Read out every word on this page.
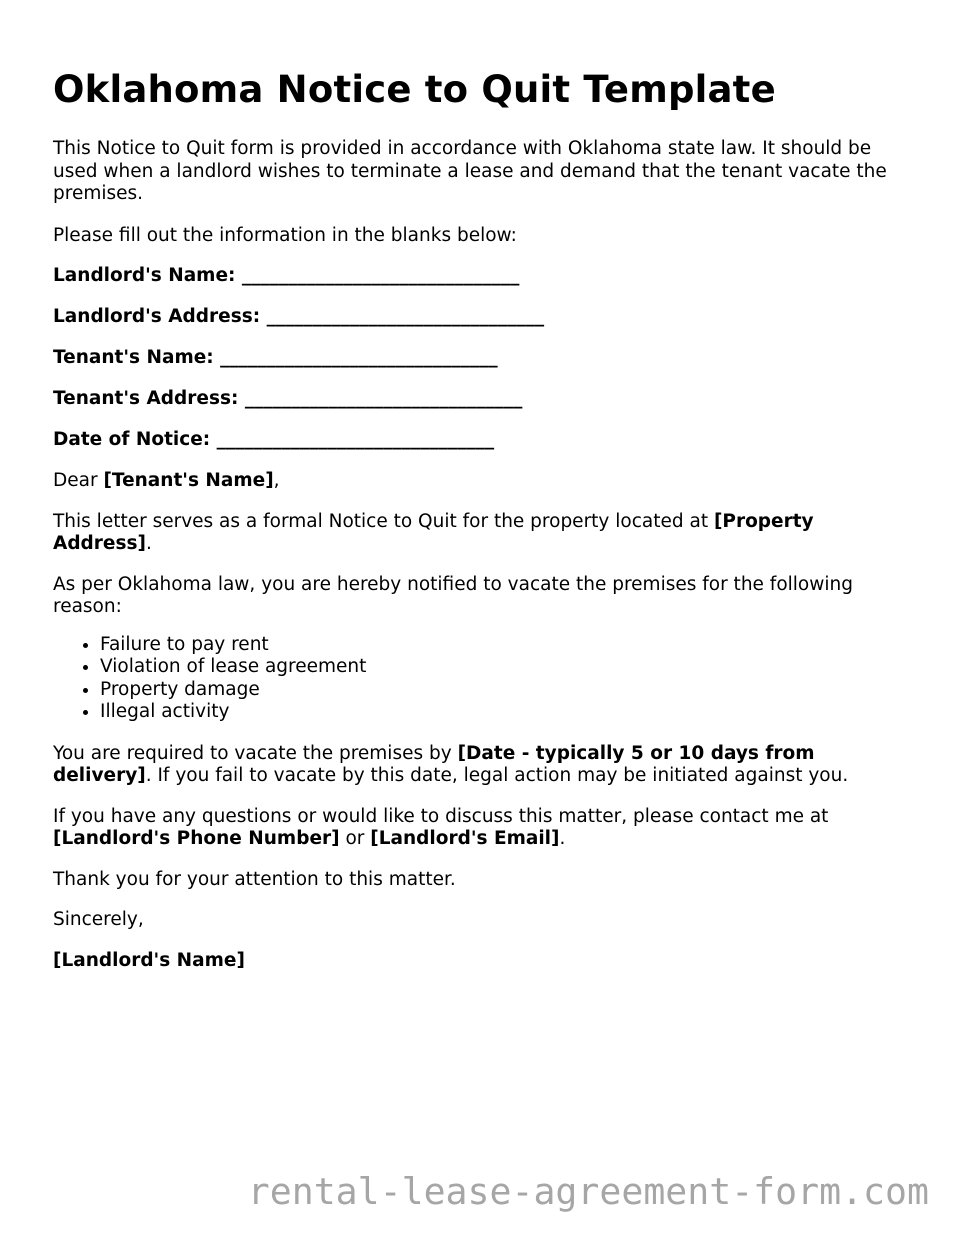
Oklahoma Notice to Quit Template

This Notice to Quit form is provided in accordance with Oklahoma state law. It should be used when a landlord wishes to terminate a lease and demand that the tenant vacate the premises.

Please fill out the information in the blanks below:

Landlord's Name: ______________________________

Landlord's Address: ______________________________

Tenant's Name: ______________________________

Tenant's Address: ______________________________

Date of Notice: ______________________________

Dear [Tenant's Name],

This letter serves as a formal Notice to Quit for the property located at [Property Address].

As per Oklahoma law, you are hereby notified to vacate the premises for the following reason:

• Failure to pay rent
• Violation of lease agreement
• Property damage
• Illegal activity

You are required to vacate the premises by [Date - typically 5 or 10 days from delivery]. If you fail to vacate by this date, legal action may be initiated against you.

If you have any questions or would like to discuss this matter, please contact me at [Landlord's Phone Number] or [Landlord's Email].

Thank you for your attention to this matter.

Sincerely,

[Landlord's Name]

rental-lease-agreement-form.com
